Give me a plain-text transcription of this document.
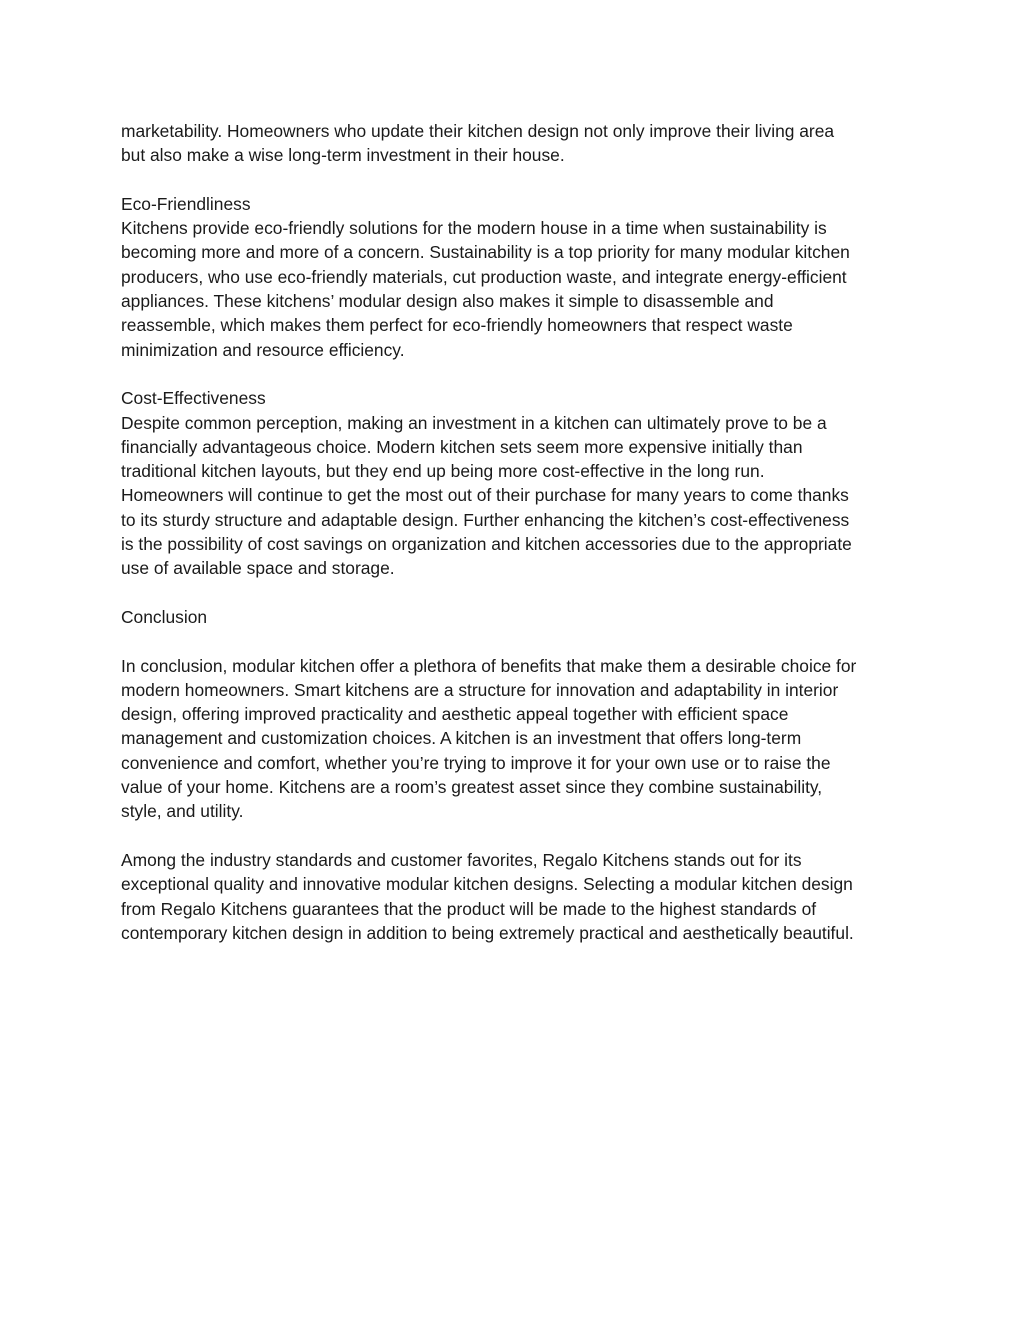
marketability. Homeowners who update their kitchen design not only improve their living area
but also make a wise long-term investment in their house.

Eco-Friendliness

Kitchens provide eco-friendly solutions for the modern house in a time when sustainability is
becoming more and more of a concern. Sustainability is a top priority for many modular kitchen
producers, who use eco-friendly materials, cut production waste, and integrate energy-efficient
appliances. These kitchens’ modular design also makes it simple to disassemble and
reassemble, which makes them perfect for eco-friendly homeowners that respect waste
minimization and resource efficiency.

Cost-Effectiveness

Despite common perception, making an investment in a kitchen can ultimately prove to be a
financially advantageous choice. Modern kitchen sets seem more expensive initially than
traditional kitchen layouts, but they end up being more cost-effective in the long run.
Homeowners will continue to get the most out of their purchase for many years to come thanks
to its sturdy structure and adaptable design. Further enhancing the kitchen’s cost-effectiveness
is the possibility of cost savings on organization and kitchen accessories due to the appropriate
use of available space and storage.

Conclusion

In conclusion, modular kitchen offer a plethora of benefits that make them a desirable choice for
modern homeowners. Smart kitchens are a structure for innovation and adaptability in interior
design, offering improved practicality and aesthetic appeal together with efficient space
management and customization choices. A kitchen is an investment that offers long-term
convenience and comfort, whether you’re trying to improve it for your own use or to raise the
value of your home. Kitchens are a room’s greatest asset since they combine sustainability,
style, and utility.

Among the industry standards and customer favorites, Regalo Kitchens stands out for its
exceptional quality and innovative modular kitchen designs. Selecting a modular kitchen design
from Regalo Kitchens guarantees that the product will be made to the highest standards of
contemporary kitchen design in addition to being extremely practical and aesthetically beautiful.
